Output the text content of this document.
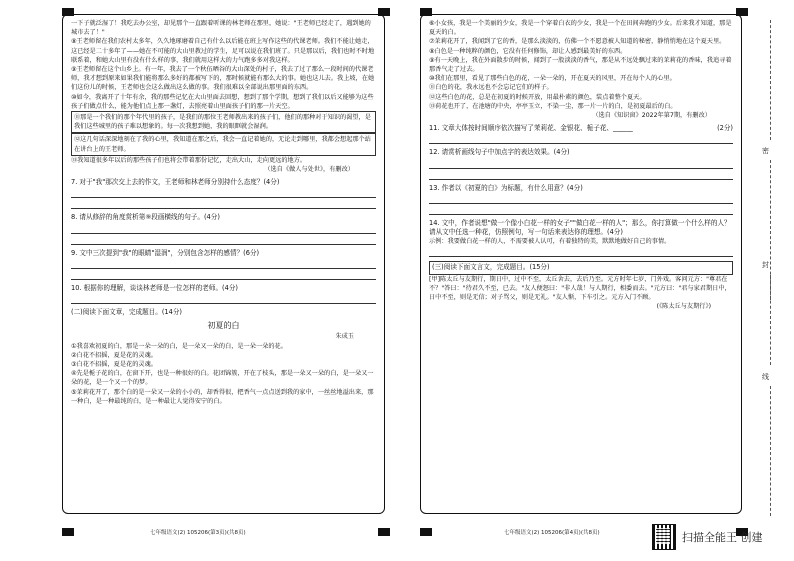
一下子就泛湿了！我吃去办公室，却见那个一直跟着听课的林老师在那里，她说："王老师已经走了，遇到她的城市去了！"

⑧王老师留在我们农村太多年，久久地琢磨着自己有什么以后能在班上写作这些的代课老师。我们不能让她走，这已经是二十多年了——她在不可能的大山里教过的学生，足可以说在我们班了。只是那以后，我们也时不时地联系着，和她大山里有没有什么样的事，我们就用这样大的力气跑多多对我这样。

⑨王老师留在这个山乡上。有一年，我去了一个秋伍晒谷的大山深处的村子，我去了过了那么一段时间的代课老师，我才想到原来如果我们能将那么多好的都被写下的，那时候就能有那么大的事。她也这儿去。我上坡，在她们这份儿的时候，王老师也会这么做出这么做的事。我们很难以全部说出那里面的东西。

⑩如今，我离开了十年有余，我的那些记忆在大山里面去回想，想到了那个学期，想到了我们以后又能够为这些孩子们做点什么，能为他们点上那一盏灯，去照亮着山里面孩子们的那一片天空。

⑪那是一个我们的那个年代里的孩子，是我们的那位王老师教出来的孩子们，他们的那种对于知识的渴望，是我们这些城里的孩子难以想象的。每一次我想到她，我的眼眶就会湿润。

⑫这几句话深深地刻在了我的心里，我知道在那之后，我会一直记着她的，无论走到哪里，我都会想起那个站在讲台上的王老师。

⑬我知道很多年以后的那些孩子们也将会带着那份记忆，走出大山，走向更远的地方。

（选自《做人与处世》，有删改）

7. 对于"我"那次交上去的作文，王老师和林老师分别持什么态度？(4分)

8. 请从修辞的角度赏析第⑨段画横线的句子。(4分)

9. 文中三次提到"我"的眼睛"湿润"，分别包含怎样的感情？(6分)

10. 根据你的理解，谈谈林老师是一位怎样的老师。(4分)

(二)阅读下面文章，完成题目。(14分)

初夏的白

朱成玉

①我喜欢初夏的白，那是一朵一朵的白，是一朵又一朵的白，是一朵一朵的花。

②白花不招摇，夏是花的灵魂。

③白花不招摇，夏是花的灵魂。

④先是栀子花的白，在窗下开，也是一种很好的白。花团锦簇，开在了枝头，那是一朵又一朵的白，是一朵又一朵的花，是一个又一个的梦。

⑤茉莉花开了，那个白的是一朵又一朵的小小的，却香得很，把香气一点点送到我的家中，一丝丝地溢出来，那一种白，是一种最纯的白，是一种最让人觉得安宁的白。

⑥小女孩，我是一个美丽的少女，我是一个穿着白衣的少女，我是一个在田间奔跑的少女。后来我才知道，那是夏天的白。

⑦茉莉花开了，我闻到了它的香，是那么淡淡的，仿佛一个不愿意被人知道的秘密，静悄悄地在这个夏天里。

⑧白色是一种纯粹的颜色，它没有任何修饰，却让人感到最美好的东西。

⑨有一天晚上，我在外面散步的时候，闻到了一股淡淡的香气，那是从不远处飘过来的茉莉花的香味，我追寻着那香气走了过去。

⑩我们在那里，看见了那些白色的花，一朵一朵的，开在夏天的风里，开在每个人的心里。

⑪白色的花，我永远也不会忘记它们的样子。

⑫这些白色的花，总是在初夏的时候开放，用最朴素的颜色，装点着整个夏天。

⑬荷花也开了，在池塘的中央，亭亭玉立，不染一尘，那一片一片的白，是初夏最后的白。

（选自《知识窗》2022年第7期，有删改）

11. 文章大体按时间顺序依次描写了茉莉花、金银花、栀子花、______	(2分)

12. 请赏析画线句子中加点字的表达效果。(4分)

13. 作者以《初夏的白》为标题，有什么用意？(4分)

14. 文中，作者说想"做一个像小白花一样的女子""做白花一样的人"；那么，你打算做一个什么样的人？请从文中任选一种花，仿照例句，写一句话来表达你的理想。(4分)

示例：我要做白花一样的人，不需要被人认可，有着独特的美，默默地做好自己的事情。

(三)阅读下面文言文，完成题目。(15分)

[甲]陈太丘与友期行，期日中，过中不至，太丘舍去，去后乃至。元方时年七岁，门外戏。客问元方："尊君在不？"答曰："待君久不至，已去。"友人便怒曰："非人哉！与人期行，相委而去。"元方曰："君与家君期日中，日中不至，则是无信；对子骂父，则是无礼。"友人惭，下车引之。元方入门不顾。

(《陈太丘与友期行》)

七年级语文(2) 105206(第3页)(共8页)	七年级语文(2) 105206(第4页)(共8页)
密
封
线
扫描全能王 创建
